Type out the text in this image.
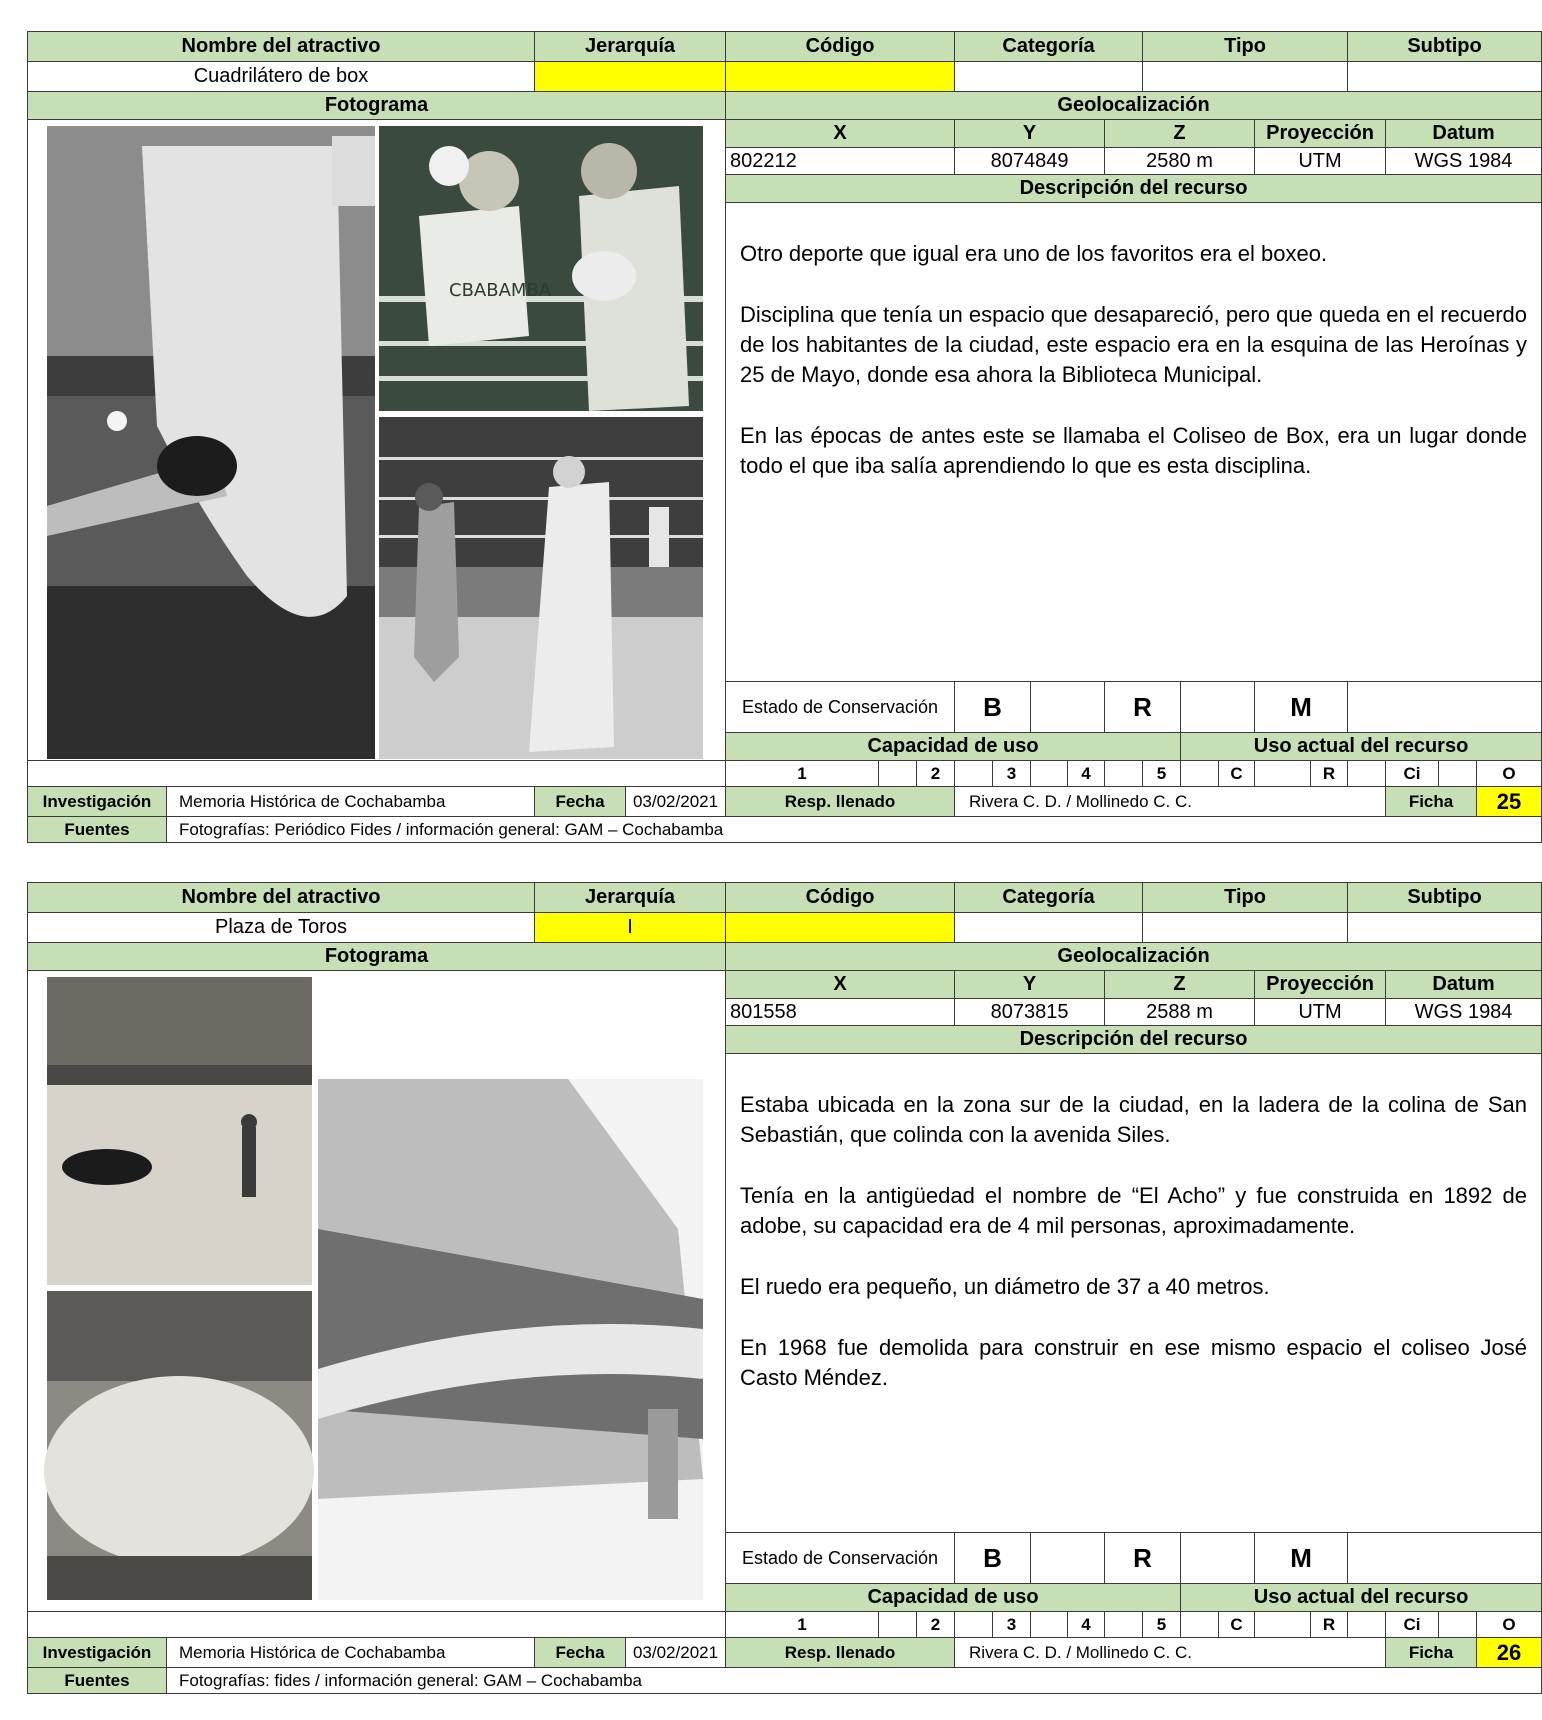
Nombre del atractivo		Jerarquía		Código			Categoría					Tipo					Subtipo			
Cuadrilátero de box																				
Fotograma				Geolocalización																

CBABAMBA				X			Y				Z				Proyección			Datum		
				802212			8074849				2580 m				UTM			WGS 1984		
				Descripción del recurso																

				Otro deporte que igual era uno de los favoritos era el boxeo.

Disciplina que tenía un espacio que desapareció, pero que queda en el recuerdo de los habitantes de la ciudad, este espacio era en la esquina de las Heroínas y 25 de Mayo, donde esa ahora la Biblioteca Municipal.

En las épocas de antes este se llamaba el Coliseo de Box, era un lugar donde todo el que iba salía aprendiendo lo que es esta disciplina.																

				Estado de Conservación			B				R				M					
				Capacidad de uso									Uso actual del recurso							
				1		2		3		4		5		C		R		Ci		O
Investigación	Memoria Histórica de Cochabamba	Fecha	03/02/2021	Resp. llenado			Rivera C. D. / Mollinedo C. C.											Ficha		25
Fuentes	Fotografías: Periódico Fides / información general: GAM – Cochabamba																			
Nombre del atractivo		Jerarquía		Código			Categoría					Tipo					Subtipo			
Plaza de Toros		I																		
Fotograma				Geolocalización																

	X			Y				Z				Proyección			Datum		
				801558			8073815				2588 m				UTM			WGS 1984		
				Descripción del recurso																

				Estaba ubicada en la zona sur de la ciudad, en la ladera de la colina de San Sebastián, que colinda con la avenida Siles.

Tenía en la antigüedad el nombre de “El Acho” y fue construida en 1892 de adobe, su capacidad era de 4 mil personas, aproximadamente.

El ruedo era pequeño, un diámetro de 37 a 40 metros.

En 1968 fue demolida para construir en ese mismo espacio el coliseo José Casto Méndez.																

				Estado de Conservación			B				R				M					
				Capacidad de uso									Uso actual del recurso							
				1		2		3		4		5		C		R		Ci		O
Investigación	Memoria Histórica de Cochabamba	Fecha	03/02/2021	Resp. llenado			Rivera C. D. / Mollinedo C. C.											Ficha		26
Fuentes	Fotografías: fides / información general: GAM – Cochabamba																			
